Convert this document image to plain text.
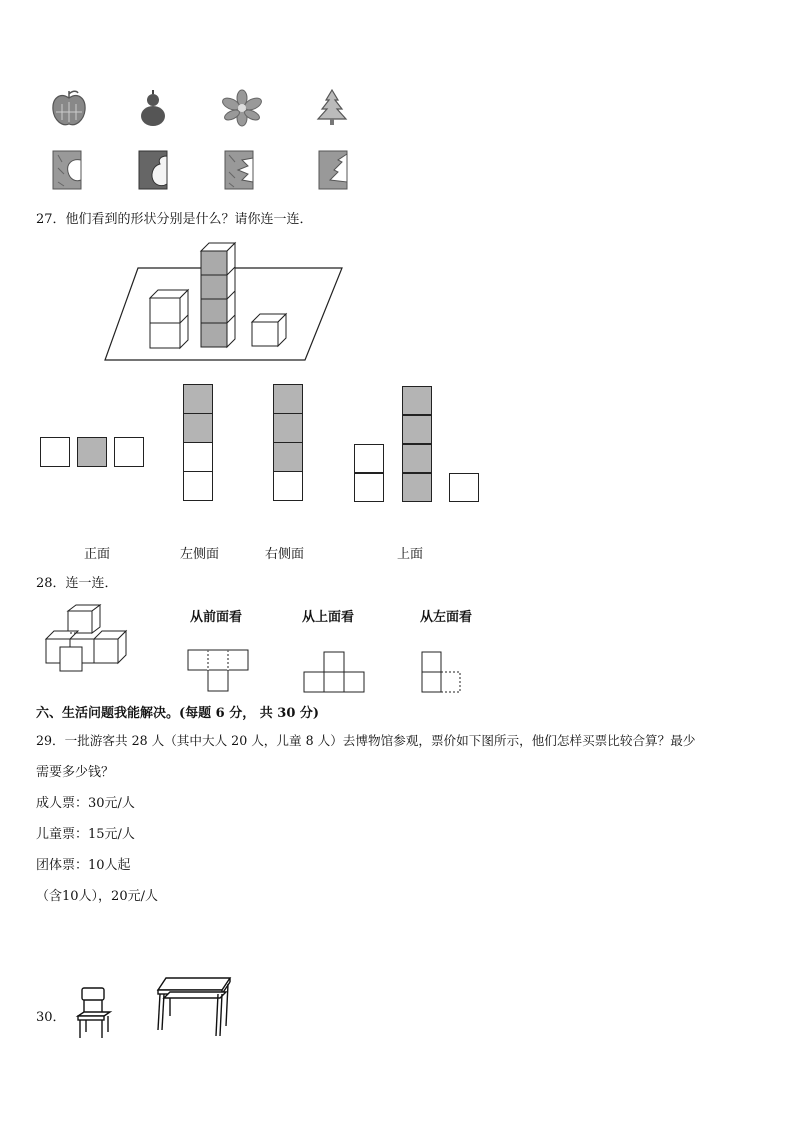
27．他们看到的形状分别是什么？请你连一连．
正面	左侧面	右侧面	上面
28．连一连．
从前面看	从上面看	从左面看
六、生活问题我能解决。(每题 6 分， 共 30 分)
29．一批游客共 28 人（其中大人 20 人，儿童 8 人）去博物馆参观，票价如下图所示，他们怎样买票比较合算？最少
需要多少钱？
成人票：30元/人
儿童票：15元/人
团体票：10人起
（含10人），20元/人
30．
